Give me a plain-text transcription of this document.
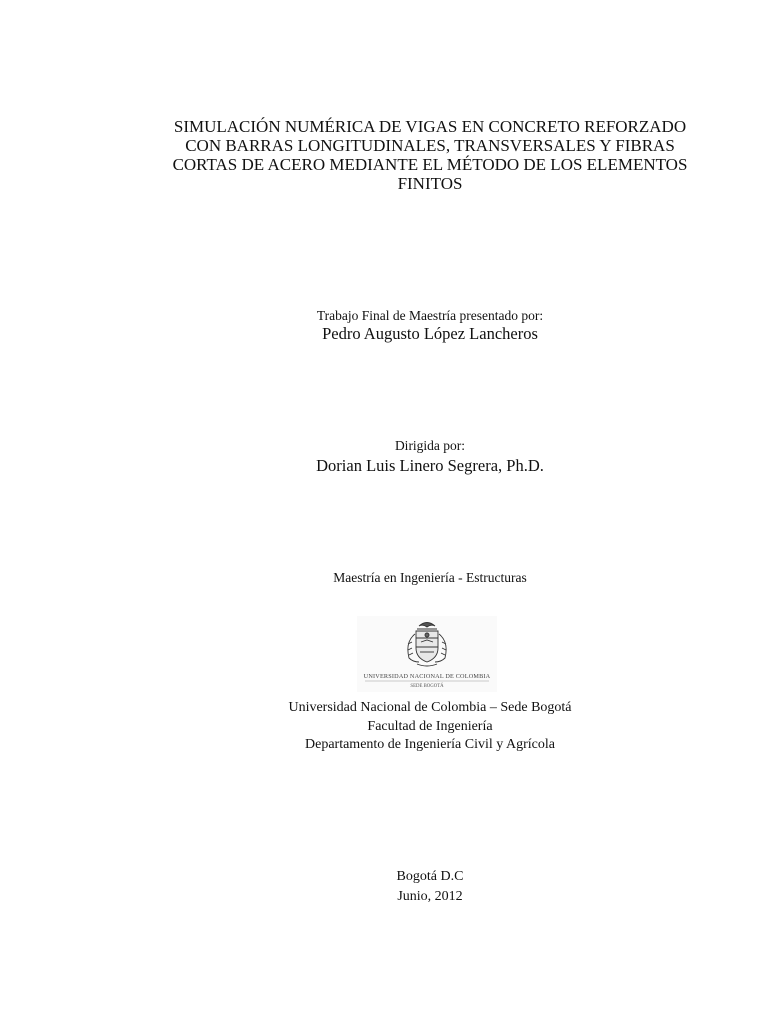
SIMULACIÓN NUMÉRICA DE VIGAS EN CONCRETO REFORZADO
CON BARRAS LONGITUDINALES, TRANSVERSALES Y FIBRAS
CORTAS DE ACERO MEDIANTE EL MÉTODO DE LOS ELEMENTOS
FINITOS
Trabajo Final de Maestría presentado por:
Pedro Augusto López Lancheros
Dirigida por:
Dorian Luis Linero Segrera, Ph.D.
Maestría en Ingeniería - Estructuras
UNIVERSIDAD NACIONAL DE COLOMBIA
SEDE BOGOTÁ
Universidad Nacional de Colombia – Sede Bogotá
Facultad de Ingeniería
Departamento de Ingeniería Civil y Agrícola
Bogotá D.C
Junio, 2012
